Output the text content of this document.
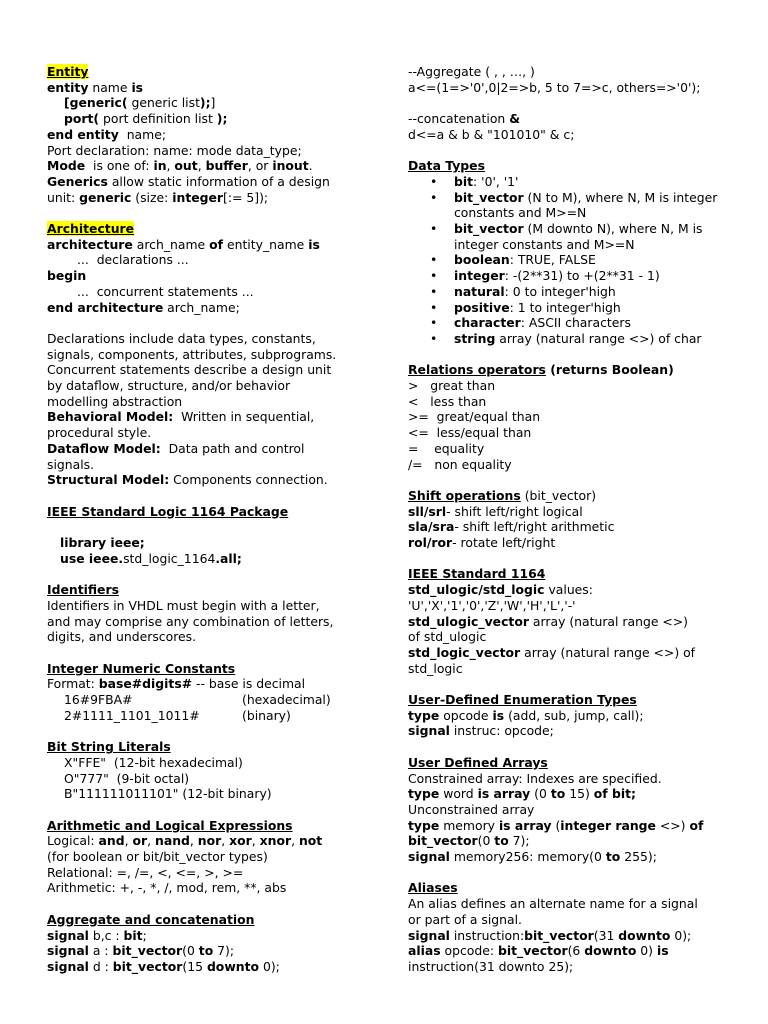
Entity
entity name is
[generic( generic list);]
port( port definition list );
end entity  name;
Port declaration: name: mode data_type;
Mode  is one of: in, out, buffer, or inout.
Generics allow static information of a design
unit: generic (size: integer[:= 5]);
Architecture
architecture arch_name of entity_name is
...  declarations ...
begin
...  concurrent statements ...
end architecture arch_name;
Declarations include data types, constants,
signals, components, attributes, subprograms.
Concurrent statements describe a design unit
by dataflow, structure, and/or behavior
modelling abstraction
Behavioral Model:  Written in sequential,
procedural style.
Dataflow Model:  Data path and control
signals.
Structural Model: Components connection.
IEEE Standard Logic 1164 Package
library ieee;
use ieee.std_logic_1164.all;
Identifiers
Identifiers in VHDL must begin with a letter,
and may comprise any combination of letters,
digits, and underscores.
Integer Numeric Constants
Format: base#digits# -- base is decimal
16#9FBA#	(hexadecimal)
2#1111_1101_1011#	(binary)
Bit String Literals
X"FFE"  (12-bit hexadecimal)
O"777"  (9-bit octal)
B"111111011101" (12-bit binary)
Arithmetic and Logical Expressions
Logical: and, or, nand, nor, xor, xnor, not
(for boolean or bit/bit_vector types)
Relational: =, /=, <, <=, >, >=
Arithmetic: +, -, *, /, mod, rem, **, abs
Aggregate and concatenation
signal b,c : bit;
signal a : bit_vector(0 to 7);
signal d : bit_vector(15 downto 0);
--Aggregate ( , , …, )
a<=(1=>'0',0|2=>b, 5 to 7=>c, others=>'0');
--concatenation &
d<=a & b & "101010" & c;
Data Types
• bit: '0', '1'
• bit_vector (N to M), where N, M is integer constants and M>=N
• bit_vector (M downto N), where N, M is integer constants and M>=N
• boolean: TRUE, FALSE
• integer: -(2**31) to +(2**31 - 1)
• natural: 0 to integer'high
• positive: 1 to integer'high
• character: ASCII characters
• string array (natural range <>) of char
Relations operators (returns Boolean)
>   great than
<   less than
>=  great/equal than
<=  less/equal than
=    equality
/=   non equality
Shift operations (bit_vector)
sll/srl- shift left/right logical
sla/sra- shift left/right arithmetic
rol/ror- rotate left/right
IEEE Standard 1164
std_ulogic/std_logic values:
'U','X','1','0','Z','W','H','L','-'
std_ulogic_vector array (natural range <>)
of std_ulogic
std_logic_vector array (natural range <>) of
std_logic
User-Defined Enumeration Types
type opcode is (add, sub, jump, call);
signal instruc: opcode;
User Defined Arrays
Constrained array: Indexes are specified.
type word is array (0 to 15) of bit;
Unconstrained array
type memory is array (integer range <>) of
bit_vector(0 to 7);
signal memory256: memory(0 to 255);
Aliases
An alias defines an alternate name for a signal
or part of a signal.
signal instruction:bit_vector(31 downto 0);
alias opcode: bit_vector(6 downto 0) is
instruction(31 downto 25);
